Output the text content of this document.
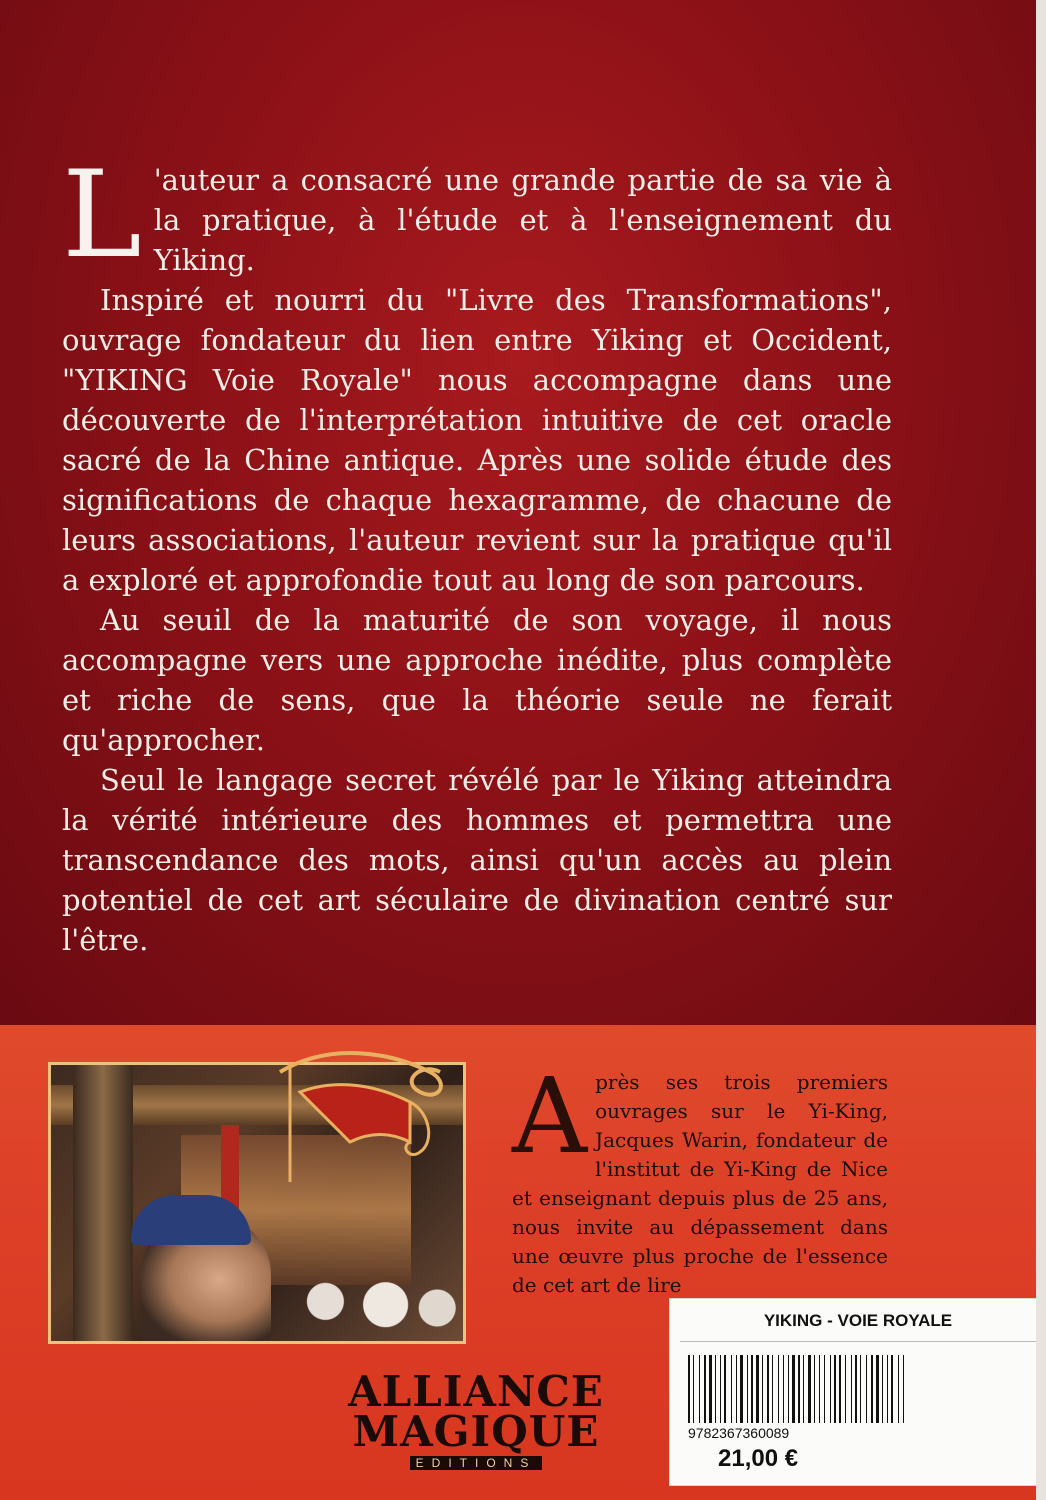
L 'auteur a consacré une grande partie de sa vie à la pratique, à l'étude et à l'enseignement du Yiking.

Inspiré et nourri du "Livre des Transformations", ouvrage fondateur du lien entre Yiking et Occident, "YIKING Voie Royale" nous accompagne dans une découverte de l'interprétation intuitive de cet oracle sacré de la Chine antique. Après une solide étude des significations de chaque hexagramme, de chacune de leurs associations, l'auteur revient sur la pratique qu'il a exploré et approfondie tout au long de son parcours.

Au seuil de la maturité de son voyage, il nous accompagne vers une approche inédite, plus complète et riche de sens, que la théorie seule ne ferait qu'approcher.

Seul le langage secret révélé par le Yiking atteindra la vérité intérieure des hommes et permettra une transcendance des mots, ainsi qu'un accès au plein potentiel de cet art séculaire de divination centré sur l'être.

Après ses trois premiers ouvrages sur le Yi-King, Jacques Warin, fondateur de l'institut de Yi-King de Nice et enseignant depuis plus de 25 ans, nous invite au dépassement dans une œuvre plus proche de l'essence de cet art de lire

ALLIANCE
MAGIQUE
EDITIONS
YIKING - VOIE ROYALE
9782367360089
21,00 €
